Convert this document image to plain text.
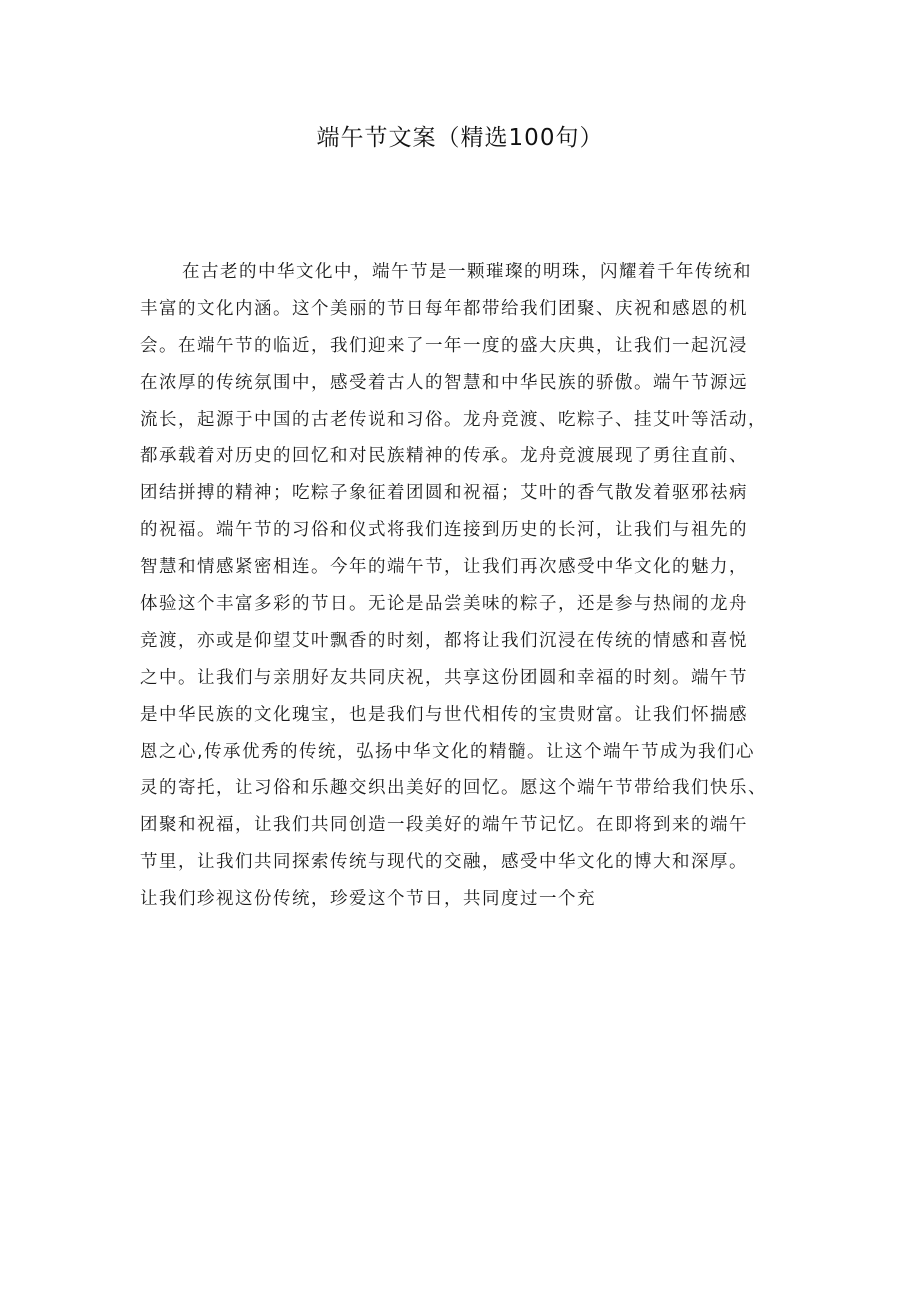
端午节文案（精选100句）
在古老的中华文化中，端午节是一颗璀璨的明珠，闪耀着千年传统和
丰富的文化内涵。这个美丽的节日每年都带给我们团聚、庆祝和感恩的机
会。在端午节的临近，我们迎来了一年一度的盛大庆典，让我们一起沉浸
在浓厚的传统氛围中，感受着古人的智慧和中华民族的骄傲。端午节源远
流长，起源于中国的古老传说和习俗。龙舟竞渡、吃粽子、挂艾叶等活动，
都承载着对历史的回忆和对民族精神的传承。龙舟竞渡展现了勇往直前、
团结拼搏的精神；吃粽子象征着团圆和祝福；艾叶的香气散发着驱邪祛病
的祝福。端午节的习俗和仪式将我们连接到历史的长河，让我们与祖先的
智慧和情感紧密相连。今年的端午节，让我们再次感受中华文化的魅力，
体验这个丰富多彩的节日。无论是品尝美味的粽子，还是参与热闹的龙舟
竞渡，亦或是仰望艾叶飘香的时刻，都将让我们沉浸在传统的情感和喜悦
之中。让我们与亲朋好友共同庆祝，共享这份团圆和幸福的时刻。端午节
是中华民族的文化瑰宝，也是我们与世代相传的宝贵财富。让我们怀揣感
恩之心,传承优秀的传统，弘扬中华文化的精髓。让这个端午节成为我们心
灵的寄托，让习俗和乐趣交织出美好的回忆。愿这个端午节带给我们快乐、
团聚和祝福，让我们共同创造一段美好的端午节记忆。在即将到来的端午
节里，让我们共同探索传统与现代的交融，感受中华文化的博大和深厚。
让我们珍视这份传统，珍爱这个节日，共同度过一个充
